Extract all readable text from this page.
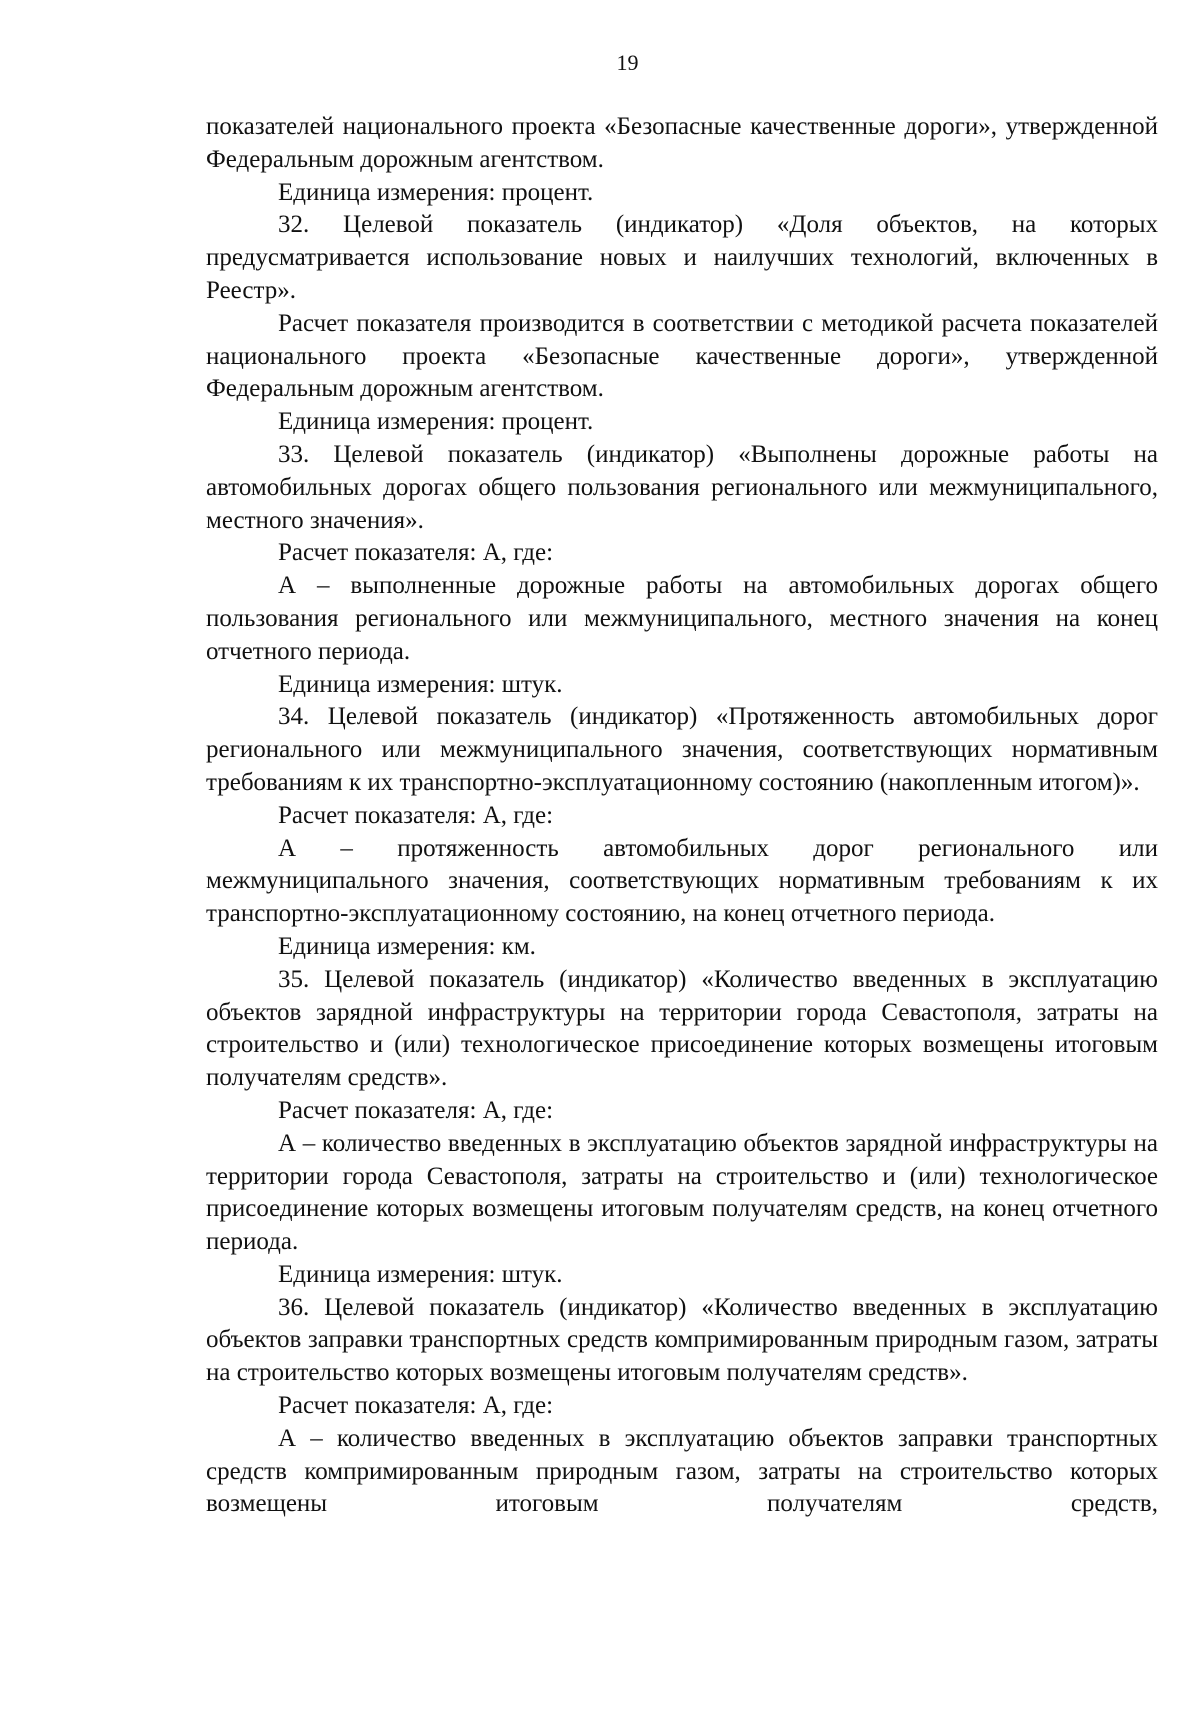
19

показателей национального проекта «Безопасные качественные дороги», утвержденной Федеральным дорожным агентством.

Единица измерения: процент.

32. Целевой показатель (индикатор) «Доля объектов, на которых предусматривается использование новых и наилучших технологий, включенных в Реестр».

Расчет показателя производится в соответствии с методикой расчета показателей национального проекта «Безопасные качественные дороги», утвержденной Федеральным дорожным агентством.

Единица измерения: процент.

33. Целевой показатель (индикатор) «Выполнены дорожные работы на автомобильных дорогах общего пользования регионального или межмуниципального, местного значения».

Расчет показателя: А, где:

А – выполненные дорожные работы на автомобильных дорогах общего пользования регионального или межмуниципального, местного значения на конец отчетного периода.

Единица измерения: штук.

34. Целевой показатель (индикатор) «Протяженность автомобильных дорог регионального или межмуниципального значения, соответствующих нормативным требованиям к их транспортно-эксплуатационному состоянию (накопленным итогом)».

Расчет показателя: А, где:

А – протяженность автомобильных дорог регионального или межмуниципального значения, соответствующих нормативным требованиям к их транспортно-эксплуатационному состоянию, на конец отчетного периода.

Единица измерения: км.

35. Целевой показатель (индикатор) «Количество введенных в эксплуатацию объектов зарядной инфраструктуры на территории города Севастополя, затраты на строительство и (или) технологическое присоединение которых возмещены итоговым получателям средств».

Расчет показателя: А, где:

А – количество введенных в эксплуатацию объектов зарядной инфраструктуры на территории города Севастополя, затраты на строительство и (или) технологическое присоединение которых возмещены итоговым получателям средств, на конец отчетного периода.

Единица измерения: штук.

36. Целевой показатель (индикатор) «Количество введенных в эксплуатацию объектов заправки транспортных средств компримированным природным газом, затраты на строительство которых возмещены итоговым получателям средств».

Расчет показателя: А, где:

А – количество введенных в эксплуатацию объектов заправки транспортных средств компримированным природным газом, затраты на строительство которых возмещены итоговым получателям средств,
